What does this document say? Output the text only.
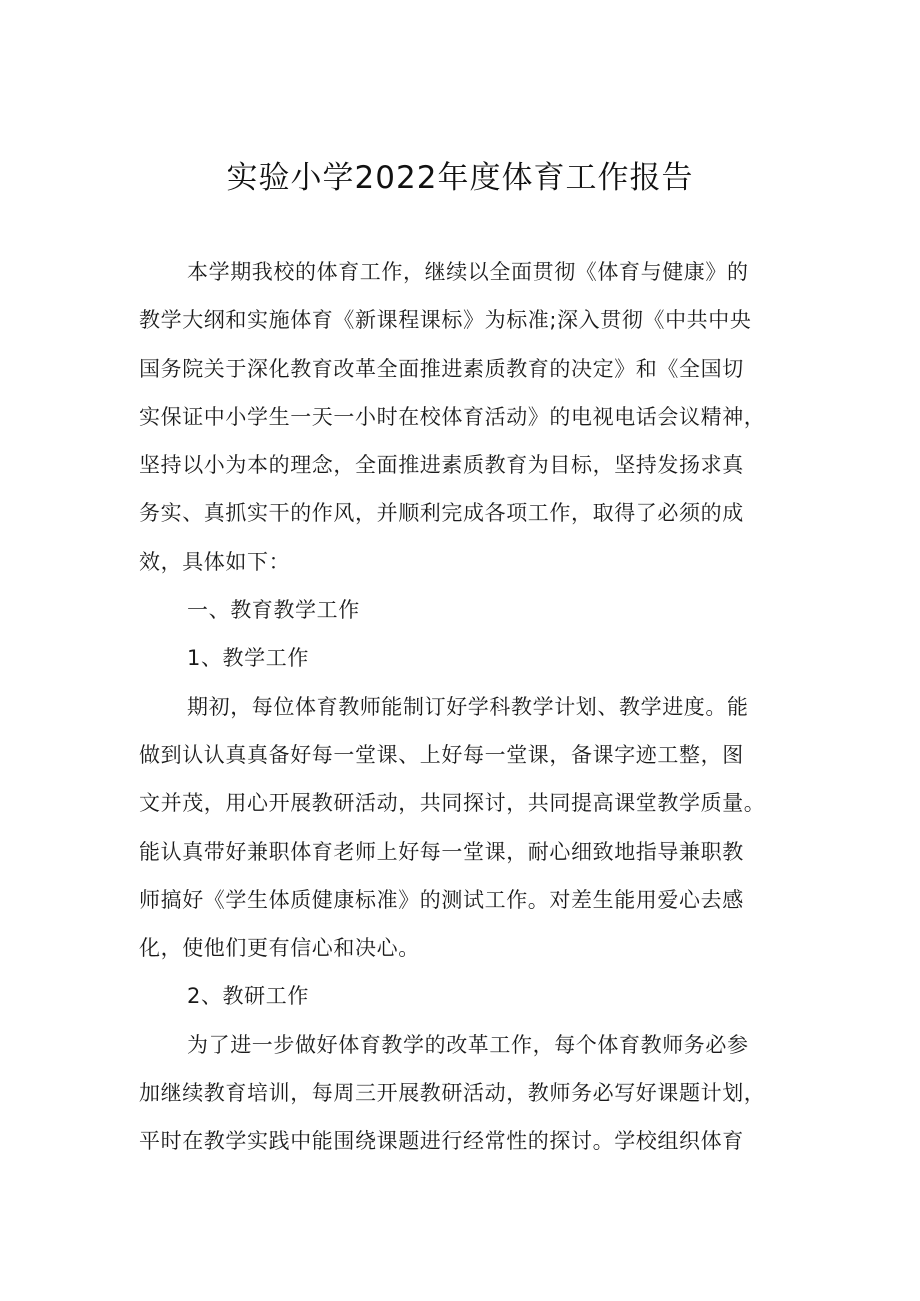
实验小学2022年度体育工作报告
本学期我校的体育工作，继续以全面贯彻《体育与健康》的
教学大纲和实施体育《新课程课标》为标准;深入贯彻《中共中央
国务院关于深化教育改革全面推进素质教育的决定》和《全国切
实保证中小学生一天一小时在校体育活动》的电视电话会议精神，
坚持以小为本的理念，全面推进素质教育为目标，坚持发扬求真
务实、真抓实干的作风，并顺利完成各项工作，取得了必须的成
效，具体如下：
一、教育教学工作
1、教学工作
期初，每位体育教师能制订好学科教学计划、教学进度。能
做到认认真真备好每一堂课、上好每一堂课，备课字迹工整，图
文并茂，用心开展教研活动，共同探讨，共同提高课堂教学质量。
能认真带好兼职体育老师上好每一堂课，耐心细致地指导兼职教
师搞好《学生体质健康标准》的测试工作。对差生能用爱心去感
化，使他们更有信心和决心。
2、教研工作
为了进一步做好体育教学的改革工作，每个体育教师务必参
加继续教育培训，每周三开展教研活动，教师务必写好课题计划，
平时在教学实践中能围绕课题进行经常性的探讨。学校组织体育
